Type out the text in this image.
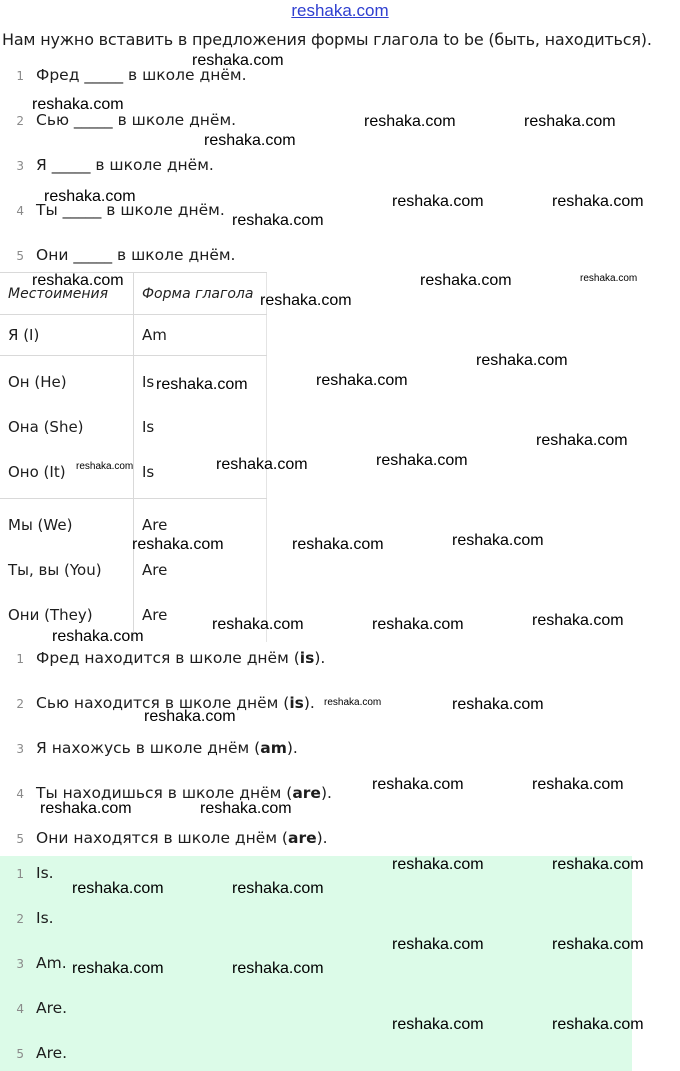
reshaka.com
Нам нужно вставить в предложения формы глагола to be (быть, находиться).
1 Фред _____ в школе днём.
2 Сью _____ в школе днём.
3 Я _____ в школе днём.
4 Ты _____ в школе днём.
5 Они _____ в школе днём.
Местоимения Форма глагола
Я (I)	Am
Он (He)	Is
Она (She)	Is
Оно (It)	Is
Мы (We)	Are
Ты, вы (You)	Are
Они (They)	Are
1 Фред находится в школе днём (is).
2 Сью находится в школе днём (is).
3 Я нахожусь в школе днём (am).
4 Ты находишься в школе днём (are).
5 Они находятся в школе днём (are).
1 Is.
2 Is.
3 Am.
4 Are.
5 Are.
reshaka.com
reshaka.com
reshaka.com	reshaka.com
reshaka.com
reshaka.com	reshaka.com	reshaka.com
reshaka.com
reshaka.com	reshaka.com	reshaka.com
reshaka.com
reshaka.com
reshaka.com	reshaka.com
reshaka.com
reshaka.com
reshaka.com
reshaka.com
reshaka.com
reshaka.com	reshaka.com
reshaka.com
reshaka.com	reshaka.com
reshaka.com
reshaka.com	reshaka.com
reshaka.com
reshaka.com	reshaka.com
reshaka.com	reshaka.com
reshaka.com	reshaka.com
reshaka.com	reshaka.com
reshaka.com	reshaka.com
reshaka.com	reshaka.com
reshaka.com	reshaka.com
